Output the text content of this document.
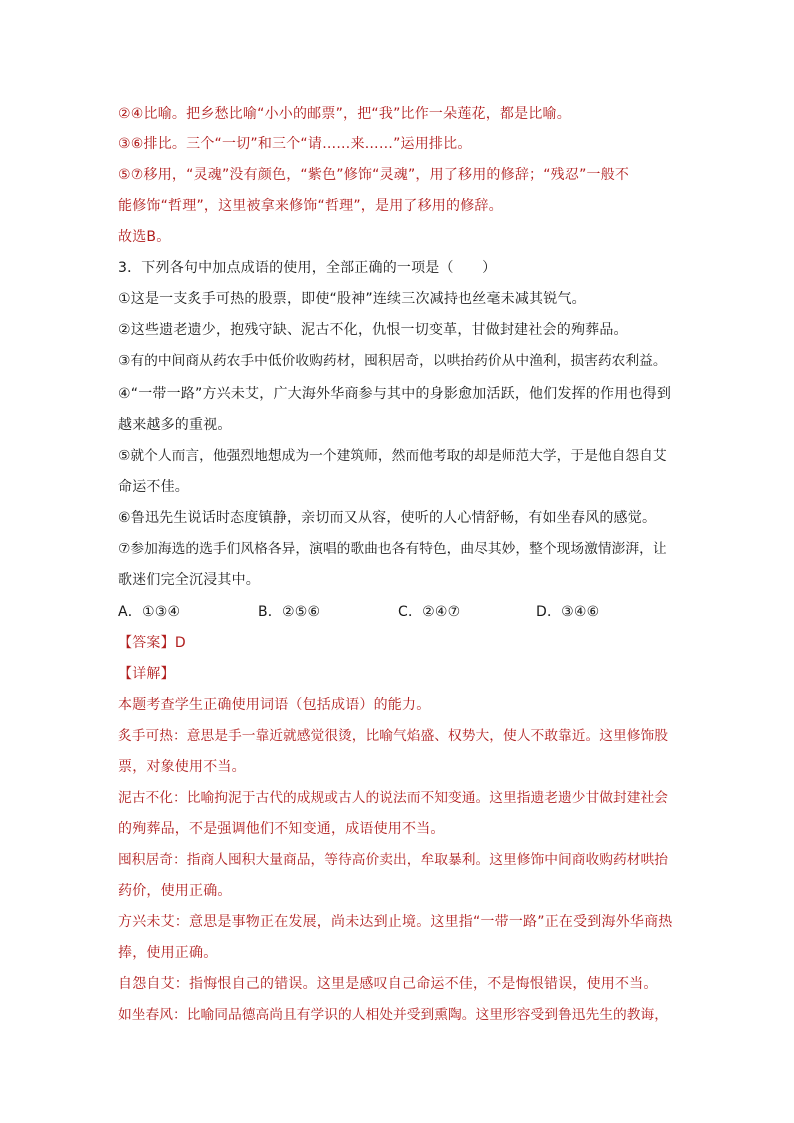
②④比喻。把乡愁比喻“小小的邮票”，把“我”比作一朵莲花，都是比喻。
③⑥排比。三个“一切”和三个“请……来……”运用排比。
⑤⑦移用，“灵魂”没有颜色，“紫色”修饰“灵魂”，用了移用的修辞；“残忍”一般不
能修饰“哲理”，这里被拿来修饰“哲理”，是用了移用的修辞。
故选B。
3．下列各句中加点成语的使用，全部正确的一项是（　　）
①这是一支炙手可热的股票，即使“股神”连续三次减持也丝毫未减其锐气。
②这些遗老遗少，抱残守缺、泥古不化，仇恨一切变革，甘做封建社会的殉葬品。
③有的中间商从药农手中低价收购药材，囤积居奇，以哄抬药价从中渔利，损害药农利益。
④“一带一路”方兴未艾，广大海外华商参与其中的身影愈加活跃，他们发挥的作用也得到
越来越多的重视。
⑤就个人而言，他强烈地想成为一个建筑师，然而他考取的却是师范大学，于是他自怨自艾
命运不佳。
⑥鲁迅先生说话时态度镇静，亲切而又从容，使听的人心情舒畅，有如坐春风的感觉。
⑦参加海选的选手们风格各异，演唱的歌曲也各有特色，曲尽其妙，整个现场激情澎湃，让
歌迷们完全沉浸其中。
A．①③④	B．②⑤⑥	C．②④⑦	D．③④⑥
【答案】D
【详解】
本题考查学生正确使用词语（包括成语）的能力。
炙手可热：意思是手一靠近就感觉很烫，比喻气焰盛、权势大，使人不敢靠近。这里修饰股
票，对象使用不当。
泥古不化：比喻拘泥于古代的成规或古人的说法而不知变通。这里指遗老遗少甘做封建社会
的殉葬品，不是强调他们不知变通，成语使用不当。
囤积居奇：指商人囤积大量商品，等待高价卖出，牟取暴利。这里修饰中间商收购药材哄抬
药价，使用正确。
方兴未艾：意思是事物正在发展，尚未达到止境。这里指“一带一路”正在受到海外华商热
捧，使用正确。
自怨自艾：指悔恨自己的错误。这里是感叹自己命运不佳，不是悔恨错误，使用不当。
如坐春风：比喻同品德高尚且有学识的人相处并受到熏陶。这里形容受到鲁迅先生的教诲，
